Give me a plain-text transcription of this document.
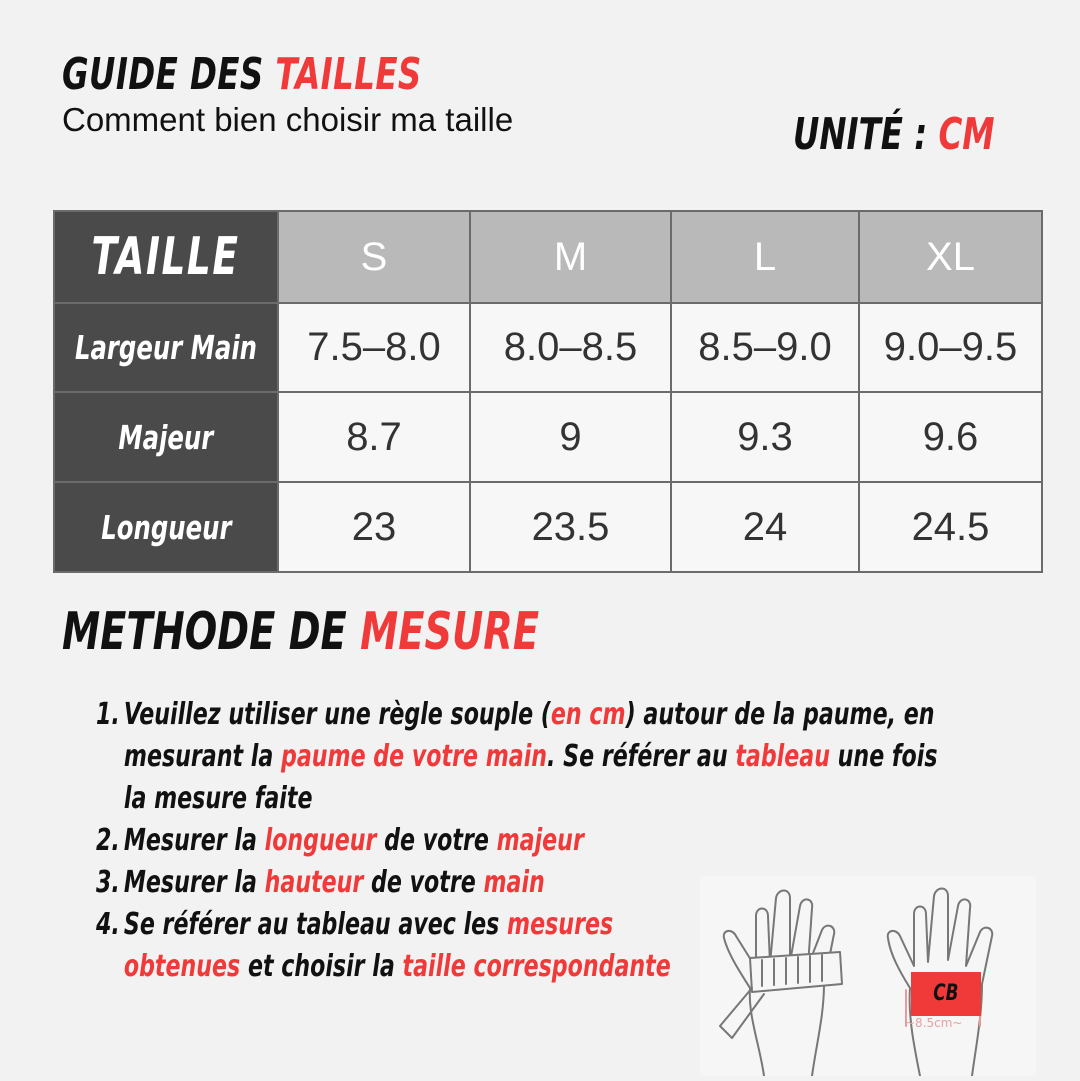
GUIDE DES TAILLES
Comment bien choisir ma taille	UNITÉ : CM
TAILLE	S	M	L	XL
Largeur Main	7.5–8.0	8.0–8.5	8.5–9.0	9.0–9.5
Majeur	8.7	9	9.3	9.6
Longueur	23	23.5	24	24.5
METHODE DE MESURE
1. Veuillez utiliser une règle souple (en cm) autour de la paume, en mesurant la paume de votre main. Se référer au tableau une fois la mesure faite
2. Mesurer la longueur de votre majeur
3. Mesurer la hauteur de votre main
4. Se référer au tableau avec les mesures obtenues et choisir la taille correspondante
CB
~8.5cm~
